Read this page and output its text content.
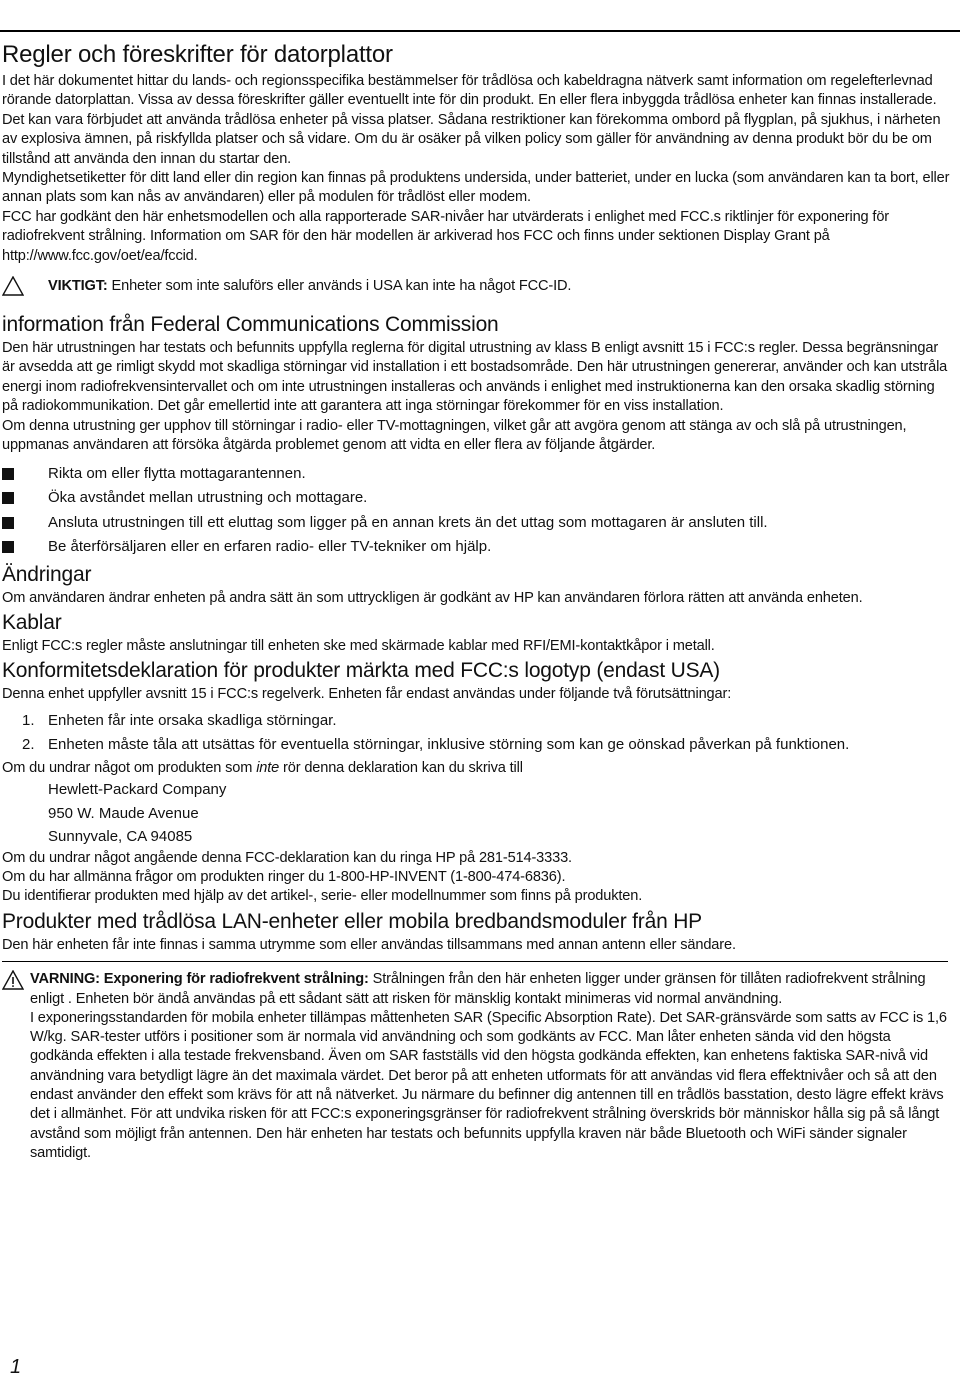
Regler och föreskrifter för datorplattor

I det här dokumentet hittar du lands- och regionsspecifika bestämmelser för trådlösa och kabeldragna nätverk samt information om regelefterlevnad rörande datorplattan. Vissa av dessa föreskrifter gäller eventuellt inte för din produkt. En eller flera inbyggda trådlösa enheter kan finnas installerade. Det kan vara förbjudet att använda trådlösa enheter på vissa platser. Sådana restriktioner kan förekomma ombord på flygplan, på sjukhus, i närheten av explosiva ämnen, på riskfyllda platser och så vidare. Om du är osäker på vilken policy som gäller för användning av denna produkt bör du be om tillstånd att använda den innan du startar den.

Myndighetsetiketter för ditt land eller din region kan finnas på produktens undersida, under batteriet, under en lucka (som användaren kan ta bort, eller annan plats som kan nås av användaren) eller på modulen för trådlöst eller modem.

FCC har godkänt den här enhetsmodellen och alla rapporterade SAR-nivåer har utvärderats i enlighet med FCC.s riktlinjer för exponering för radiofrekvent strålning. Information om SAR för den här modellen är arkiverad hos FCC och finns under sektionen Display Grant på http://www.fcc.gov/oet/ea/fccid.

VIKTIGT: Enheter som inte saluförs eller används i USA kan inte ha något FCC-ID.
information från Federal Communications Commission

Den här utrustningen har testats och befunnits uppfylla reglerna för digital utrustning av klass B enligt avsnitt 15 i FCC:s regler. Dessa begränsningar är avsedda att ge rimligt skydd mot skadliga störningar vid installation i ett bostadsområde. Den här utrustningen genererar, använder och kan utstråla energi inom radiofrekvensintervallet och om inte utrustningen installeras och används i enlighet med instruktionerna kan den orsaka skadlig störning på radiokommunikation. Det går emellertid inte att garantera att inga störningar förekommer för en viss installation.

Om denna utrustning ger upphov till störningar i radio- eller TV-mottagningen, vilket går att avgöra genom att stänga av och slå på utrustningen, uppmanas användaren att försöka åtgärda problemet genom att vidta en eller flera av följande åtgärder.

Rikta om eller flytta mottagarantennen.
Öka avståndet mellan utrustning och mottagare.
Ansluta utrustningen till ett eluttag som ligger på en annan krets än det uttag som mottagaren är ansluten till.
Be återförsäljaren eller en erfaren radio- eller TV-tekniker om hjälp.
Ändringar

Om användaren ändrar enheten på andra sätt än som uttryckligen är godkänt av HP kan användaren förlora rätten att använda enheten.

Kablar

Enligt FCC:s regler måste anslutningar till enheten ske med skärmade kablar med RFI/EMI-kontaktkåpor i metall.

Konformitetsdeklaration för produkter märkta med FCC:s logotyp (endast USA)

Denna enhet uppfyller avsnitt 15 i FCC:s regelverk. Enheten får endast användas under följande två förutsättningar:

1. Enheten får inte orsaka skadliga störningar.
2. Enheten måste tåla att utsättas för eventuella störningar, inklusive störning som kan ge oönskad påverkan på funktionen.

Om du undrar något om produkten som inte rör denna deklaration kan du skriva till

Hewlett-Packard Company
950 W. Maude Avenue
Sunnyvale, CA 94085

Om du undrar något angående denna FCC-deklaration kan du ringa HP på 281-514-3333.

Om du har allmänna frågor om produkten ringer du 1-800-HP-INVENT (1-800-474-6836).

Du identifierar produkten med hjälp av det artikel-, serie- eller modellnummer som finns på produkten.

Produkter med trådlösa LAN-enheter eller mobila bredbandsmoduler från HP

Den här enheten får inte finnas i samma utrymme som eller användas tillsammans med annan antenn eller sändare.

VARNING: Exponering för radiofrekvent strålning: Strålningen från den här enheten ligger under gränsen för tillåten radiofrekvent strålning enligt . Enheten bör ändå användas på ett sådant sätt att risken för mänsklig kontakt minimeras vid normal användning.
I exponeringsstandarden för mobila enheter tillämpas måttenheten SAR (Specific Absorption Rate). Det SAR-gränsvärde som satts av FCC is 1,6 W/kg. SAR-tester utförs i positioner som är normala vid användning och som godkänts av FCC. Man låter enheten sända vid den högsta godkända effekten i alla testade frekvensband. Även om SAR fastställs vid den högsta godkända effekten, kan enhetens faktiska SAR-nivå vid användning vara betydligt lägre än det maximala värdet. Det beror på att enheten utformats för att användas vid flera effektnivåer och så att den endast använder den effekt som krävs för att nå nätverket. Ju närmare du befinner dig antennen till en trådlös basstation, desto lägre effekt krävs det i allmänhet. För att undvika risken för att FCC:s exponeringsgränser för radiofrekvent strålning överskrids bör människor hålla sig på så långt avstånd som möjligt från antennen. Den här enheten har testats och befunnits uppfylla kraven när både Bluetooth och WiFi sänder signaler samtidigt.
1
